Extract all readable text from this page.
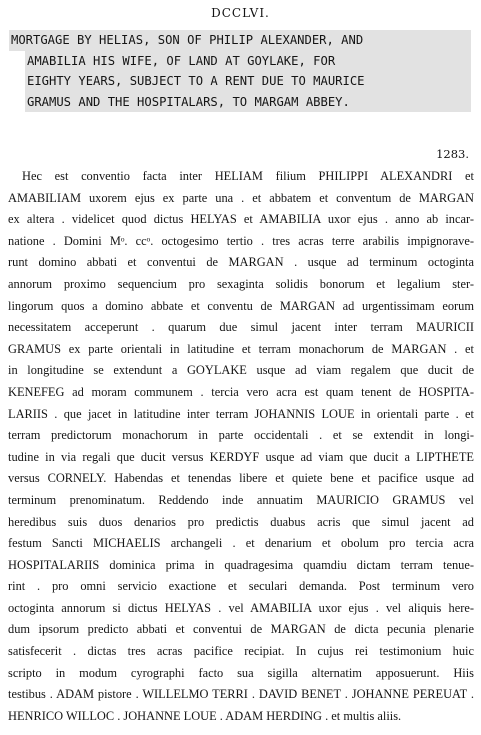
DCCLVI.
MORTGAGE BY HELIAS, SON OF PHILIP ALEXANDER, AND
AMABILIA HIS WIFE, OF LAND AT GOYLAKE, FOR
EIGHTY YEARS, SUBJECT TO A RENT DUE TO MAURICE
GRAMUS AND THE HOSPITALARS, TO MARGAM ABBEY.
1283.
Hec est conventio facta inter HELIAM filium PHILIPPI ALEXANDRI et
AMABILIAM uxorem ejus ex parte una . et abbatem et conventum de MARGAN
ex altera . videlicet quod dictus HELYAS et AMABILIA uxor ejus . anno ab incar-
natione . Domini Mᵒ. ccᵒ. octogesimo tertio . tres acras terre arabilis impignorave-
runt domino abbati et conventui de MARGAN . usque ad terminum octoginta
annorum proximo sequencium pro sexaginta solidis bonorum et legalium ster-
lingorum quos a domino abbate et conventu de MARGAN ad urgentissimam eorum
necessitatem acceperunt . quarum due simul jacent inter terram MAURICII
GRAMUS ex parte orientali in latitudine et terram monachorum de MARGAN . et
in longitudine se extendunt a GOYLAKE usque ad viam regalem que ducit de
KENEFEG ad moram communem . tercia vero acra est quam tenent de HOSPITA-
LARIIS . que jacet in latitudine inter terram JOHANNIS LOUE in orientali parte . et
terram predictorum monachorum in parte occidentali . et se extendit in longi-
tudine in via regali que ducit versus KERDYF usque ad viam que ducit a LIPTHETE
versus CORNELY. Habendas et tenendas libere et quiete bene et pacifice usque ad
terminum prenominatum. Reddendo inde annuatim MAURICIO GRAMUS vel
heredibus suis duos denarios pro predictis duabus acris que simul jacent ad
festum Sancti MICHAELIS archangeli . et denarium et obolum pro tercia acra
HOSPITALARIIS dominica prima in quadragesima quamdiu dictam terram tenue-
rint . pro omni servicio exactione et seculari demanda. Post terminum vero
octoginta annorum si dictus HELYAS . vel AMABILIA uxor ejus . vel aliquis here-
dum ipsorum predicto abbati et conventui de MARGAN de dicta pecunia plenarie
satisfecerit . dictas tres acras pacifice recipiat. In cujus rei testimonium huic
scripto in modum cyrographi facto sua sigilla alternatim apposuerunt. Hiis
testibus . ADAM pistore . WILLELMO TERRI . DAVID BENET . JOHANNE PEREUAT .
HENRICO WILLOC . JOHANNE LOUE . ADAM HERDING . et multis aliis.
